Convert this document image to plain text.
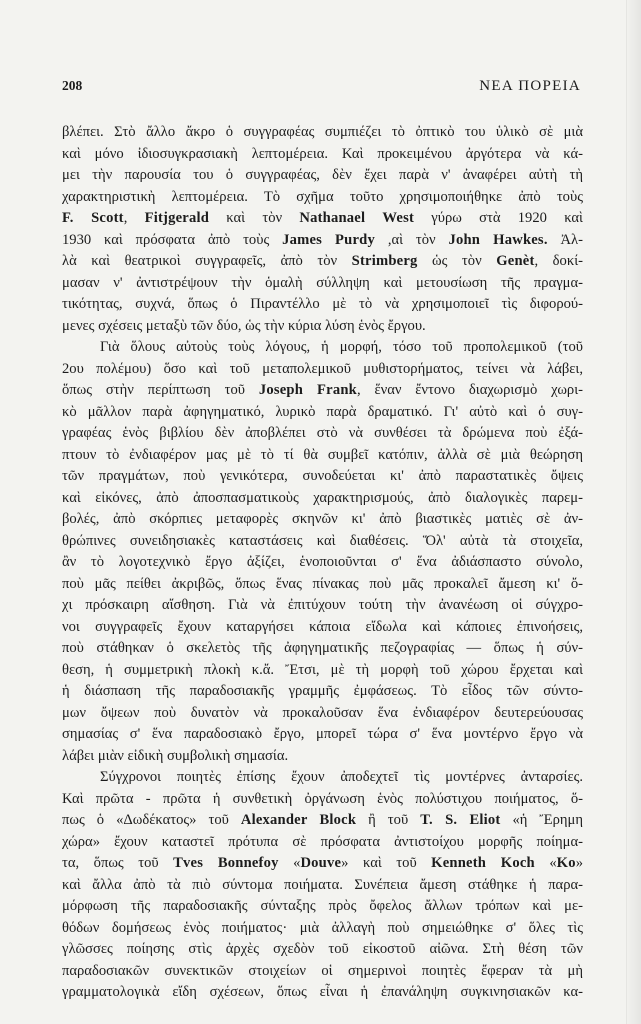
208	ΝΕΑ ΠΟΡΕΙΑ
βλέπει. Στὸ ἄλλο ἄκρο ὁ συγγραφέας συμπιέζει τὸ ὀπτικὸ του ὑλικὸ σὲ μιὰ
καὶ μόνο ἰδιοσυγκρασιακὴ λεπτομέρεια. Καὶ προκειμένου ἀργότερα νὰ κά-
μει τὴν παρουσία του ὁ συγγραφέας, δὲν ἔχει παρὰ ν' ἀναφέρει αὐτὴ τὴ
χαρακτηριστικὴ λεπτομέρεια. Τὸ σχῆμα τοῦτο χρησιμοποιήθηκε ἀπὸ τοὺς
F. Scott, Fitjgerald καὶ τὸν Nathanael West γύρω στὰ 1920 καὶ
1930 καὶ πρόσφατα ἀπὸ τοὺς James Purdy ,αὶ τὸν John Hawkes. Ἀλ-
λὰ καὶ θεατρικοὶ συγγραφεῖς, ἀπὸ τὸν Strimberg ὡς τὸν Genèt, δοκί-
μασαν ν' ἀντιστρέψουν τὴν ὁμαλὴ σύλληψη καὶ μετουσίωση τῆς πραγμα-
τικότητας, συχνά, ὅπως ὁ Πιραντέλλο μὲ τὸ νὰ χρησιμοποιεῖ τὶς διφορού-
μενες σχέσεις μεταξὺ τῶν δύο, ὡς τὴν κύρια λύση ἑνὸς ἔργου.
Γιὰ ὅλους αὐτοὺς τοὺς λόγους, ἡ μορφή, τόσο τοῦ προπολεμικοῦ (τοῦ
2ου πολέμου) ὅσο καὶ τοῦ μεταπολεμικοῦ μυθιστορήματος, τείνει νὰ λάβει,
ὅπως στὴν περίπτωση τοῦ Joseph Frank, ἕναν ἔντονο διαχωρισμὸ χωρι-
κὸ μᾶλλον παρὰ ἀφηγηματικό, λυρικὸ παρὰ δραματικό. Γι' αὐτὸ καὶ ὁ συγ-
γραφέας ἑνὸς βιβλίου δὲν ἀποβλέπει στὸ νὰ συνθέσει τὰ δρώμενα ποὺ ἐξά-
πτουν τὸ ἐνδιαφέρον μας μὲ τὸ τί θὰ συμβεῖ κατόπιν, ἀλλὰ σὲ μιὰ θεώρηση
τῶν πραγμάτων, ποὺ γενικότερα, συνοδεύεται κι' ἀπὸ παραστατικὲς ὄψεις
καὶ εἰκόνες, ἀπὸ ἀποσπασματικοὺς χαρακτηρισμούς, ἀπὸ διαλογικὲς παρεμ-
βολές, ἀπὸ σκόρπιες μεταφορὲς σκηνῶν κι' ἀπὸ βιαστικὲς ματιὲς σὲ ἀν-
θρώπινες συνειδησιακὲς καταστάσεις καὶ διαθέσεις. Ὅλ' αὐτὰ τὰ στοιχεῖα,
ἂν τὸ λογοτεχνικὸ ἔργο ἀξίζει, ἑνοποιοῦνται σ' ἕνα ἀδιάσπαστο σύνολο,
ποὺ μᾶς πείθει ἀκριβῶς, ὅπως ἕνας πίνακας ποὺ μᾶς προκαλεῖ ἄμεση κι' ὄ-
χι πρόσκαιρη αἴσθηση. Γιὰ νὰ ἐπιτύχουν τούτη τὴν ἀνανέωση οἱ σύγχρο-
νοι συγγραφεῖς ἔχουν καταργήσει κάποια εἴδωλα καὶ κάποιες ἐπινοήσεις,
ποὺ στάθηκαν ὁ σκελετὸς τῆς ἀφηγηματικῆς πεζογραφίας — ὅπως ἡ σύν-
θεση, ἡ συμμετρικὴ πλοκὴ κ.ἄ. Ἔτσι, μὲ τὴ μορφὴ τοῦ χώρου ἔρχεται καὶ
ἡ διάσπαση τῆς παραδοσιακῆς γραμμῆς ἐμφάσεως. Τὸ εἶδος τῶν σύντο-
μων ὄψεων ποὺ δυνατὸν νὰ προκαλοῦσαν ἕνα ἐνδιαφέρον δευτερεύουσας
σημασίας σ' ἕνα παραδοσιακὸ ἔργο, μπορεῖ τώρα σ' ἕνα μοντέρνο ἔργο νὰ
λάβει μιὰν εἰδικὴ συμβολικὴ σημασία.
Σύγχρονοι ποιητὲς ἐπίσης ἔχουν ἀποδεχτεῖ τὶς μοντέρνες ἀνταρσίες.
Καὶ πρῶτα - πρῶτα ἡ συνθετικὴ ὀργάνωση ἑνὸς πολύστιχου ποιήματος, ὅ-
πως ὁ «Δωδέκατος» τοῦ Alexander Block ἢ τοῦ T. S. Eliot «ἡ Ἔρημη
χώρα» ἔχουν καταστεῖ πρότυπα σὲ πρόσφατα ἀντιστοίχου μορφῆς ποίημα-
τα, ὅπως τοῦ Tves Bonnefoy «Douve» καὶ τοῦ Kenneth Koch «Ko»
καὶ ἄλλα ἀπὸ τὰ πιὸ σύντομα ποιήματα. Συνέπεια ἄμεση στάθηκε ἡ παρα-
μόρφωση τῆς παραδοσιακῆς σύνταξης πρὸς ὄφελος ἄλλων τρόπων καὶ με-
θόδων δομήσεως ἑνὸς ποιήματος· μιὰ ἀλλαγὴ ποὺ σημειώθηκε σ' ὅλες τὶς
γλῶσσες ποίησης στὶς ἀρχὲς σχεδὸν τοῦ εἰκοστοῦ αἰῶνα. Στὴ θέση τῶν
παραδοσιακῶν συνεκτικῶν στοιχείων οἱ σημερινοὶ ποιητὲς ἔφεραν τὰ μὴ
γραμματολογικὰ εἴδη σχέσεων, ὅπως εἶναι ἡ ἐπανάληψη συγκινησιακῶν κα-
